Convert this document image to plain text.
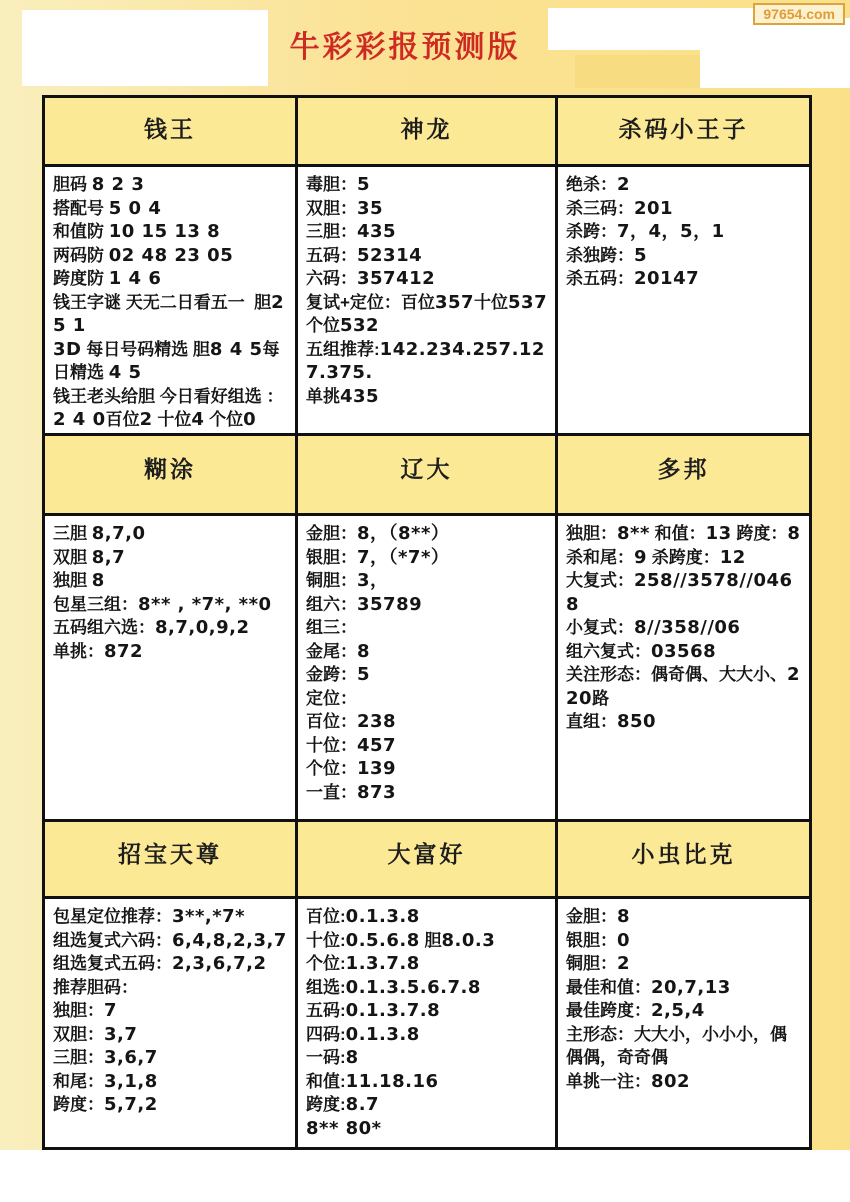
牛彩彩报预测版
97654.com
钱王
胆码 8 2 3
搭配号 5 0 4
和值防 10 15 13 8
两码防 02 48 23 05
跨度防 1 4 6
钱王字谜 天无二日看五一  胆2 5 1
3D 每日号码精选 胆8 4 5每日精选 4 5
钱王老头给胆 今日看好组选 ：2 4 0百位2 十位4 个位0
神龙
毒胆：5
双胆：35
三胆：435
五码：52314
六码：357412
复试+定位：百位357十位537个位532
五组推荐:142.234.257.127.375.
单挑435
杀码小王子
绝杀：2
杀三码：201
杀跨：7，4，5，1
杀独跨：5
杀五码：20147
糊涂
三胆 8,7,0
双胆 8,7
独胆 8
包星三组：8** , *7*, **0
五码组六选：8,7,0,9,2
单挑：872
辽大
金胆：8，（8**）
银胆：7，（*7*）
铜胆：3，
组六：35789
组三：
金尾：8
金跨：5
定位：
百位：238
十位：457
个位：139
一直：873
多邦
独胆：8** 和值：13 跨度：8 杀和尾：9 杀跨度：12
大复式：258//3578//0468
小复式：8//358//06
组六复式：03568
关注形态：偶奇偶、大大小、220路
直组：850
招宝天尊
包星定位推荐：3**,*7*
组选复式六码：6,4,8,2,3,7
组选复式五码：2,3,6,7,2
推荐胆码：
独胆：7
双胆：3,7
三胆：3,6,7
和尾：3,1,8
跨度：5,7,2
大富好
百位:0.1.3.8
十位:0.5.6.8 胆8.0.3
个位:1.3.7.8
组选:0.1.3.5.6.7.8
五码:0.1.3.7.8
四码:0.1.3.8
一码:8
和值:11.18.16
跨度:8.7
8** 80*
小虫比克
金胆：8
银胆：0
铜胆：2
最佳和值：20,7,13
最佳跨度：2,5,4
主形态：大大小，小小小，偶偶偶，奇奇偶
单挑一注：802
